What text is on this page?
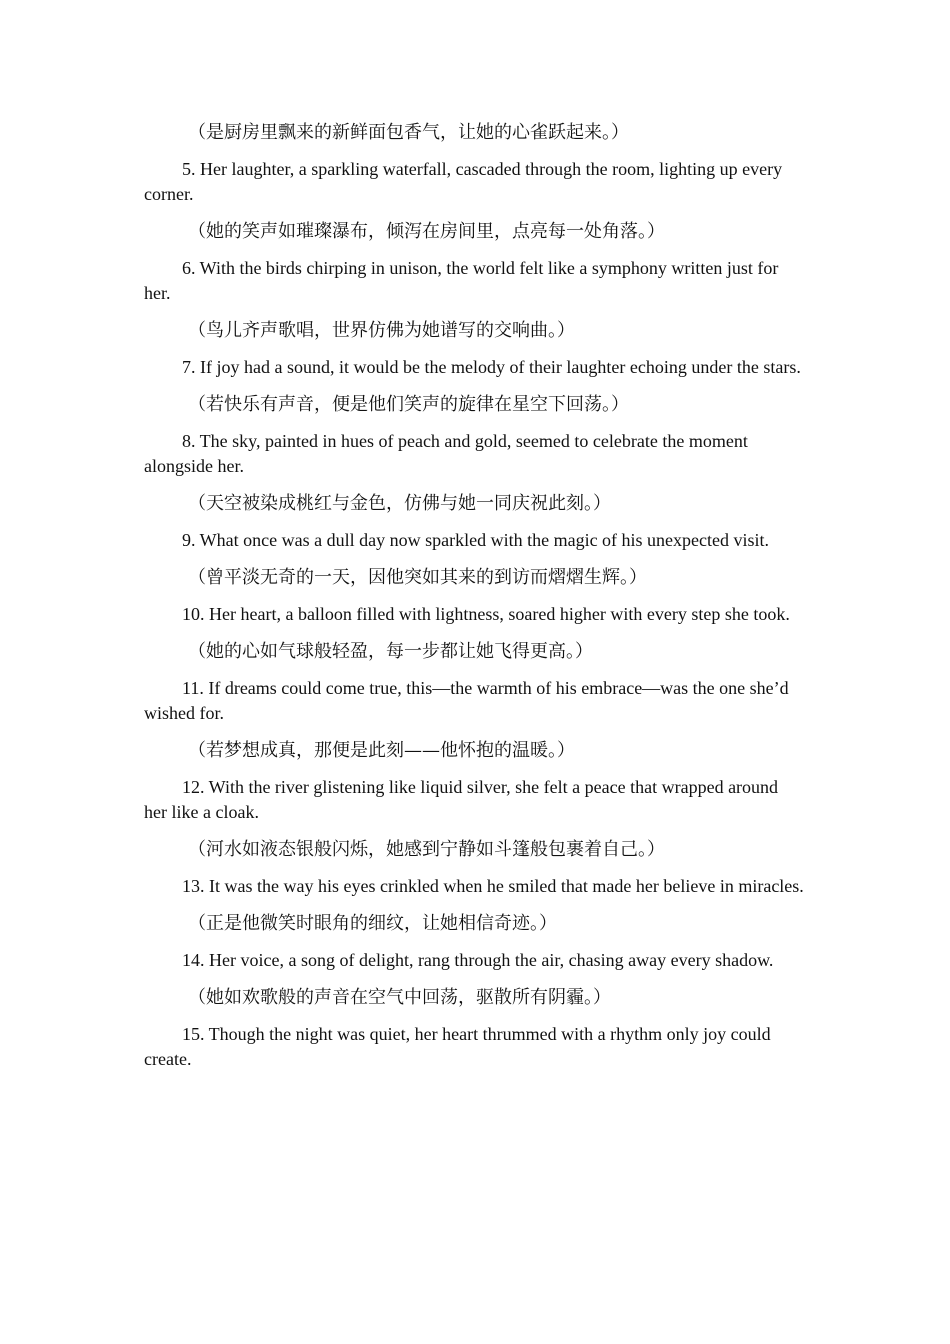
（是厨房里飘来的新鲜面包香气，让她的心雀跃起来。）

5. Her laughter, a sparkling waterfall, cascaded through the room, lighting up every corner.

（她的笑声如璀璨瀑布，倾泻在房间里，点亮每一处角落。）

6. With the birds chirping in unison, the world felt like a symphony written just for her.

（鸟儿齐声歌唱，世界仿佛为她谱写的交响曲。）

7. If joy had a sound, it would be the melody of their laughter echoing under the stars.

（若快乐有声音，便是他们笑声的旋律在星空下回荡。）

8. The sky, painted in hues of peach and gold, seemed to celebrate the moment alongside her.

（天空被染成桃红与金色，仿佛与她一同庆祝此刻。）

9. What once was a dull day now sparkled with the magic of his unexpected visit.

（曾平淡无奇的一天，因他突如其来的到访而熠熠生辉。）

10. Her heart, a balloon filled with lightness, soared higher with every step she took.

（她的心如气球般轻盈，每一步都让她飞得更高。）

11. If dreams could come true, this—the warmth of his embrace—was the one she’d wished for.

（若梦想成真，那便是此刻——他怀抱的温暖。）

12. With the river glistening like liquid silver, she felt a peace that wrapped around her like a cloak.

（河水如液态银般闪烁，她感到宁静如斗篷般包裹着自己。）

13. It was the way his eyes crinkled when he smiled that made her believe in miracles.

（正是他微笑时眼角的细纹，让她相信奇迹。）

14. Her voice, a song of delight, rang through the air, chasing away every shadow.

（她如欢歌般的声音在空气中回荡，驱散所有阴霾。）

15. Though the night was quiet, her heart thrummed with a rhythm only joy could create.
